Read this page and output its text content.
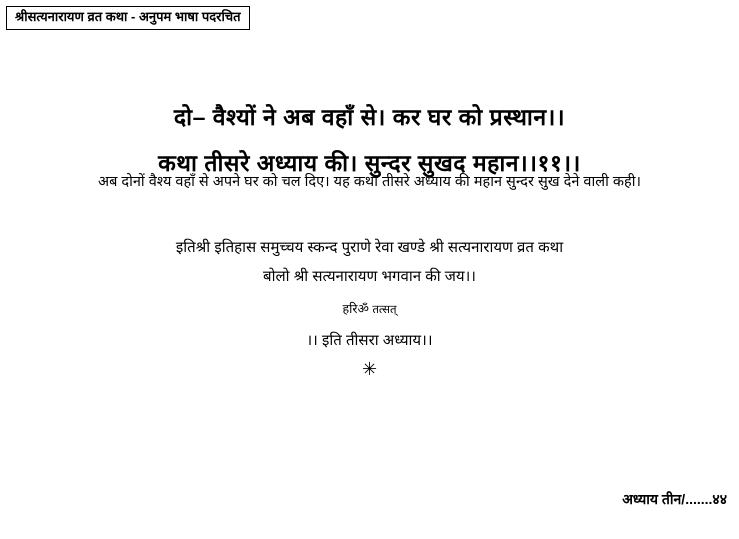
श्रीसत्यनारायण व्रत कथा - अनुपम भाषा पदरचित
दो– वैश्यों ने अब वहाँ से। कर घर को प्रस्थान।।
कथा तीसरे अध्याय की। सुन्दर सुखद महान।।११।।
अब दोनों वैश्य वहाँ से अपने घर को चल दिए। यह कथा तीसरे अध्याय की महान सुन्दर सुख देने वाली कही।
इतिश्री इतिहास समुच्चय स्कन्द पुराणे रेवा खण्डे श्री सत्यनारायण व्रत कथा
बोलो श्री सत्यनारायण भगवान की जय।।
हरिॐ तत्सत्
।। इति तीसरा अध्याय।।
✳
अध्याय तीन/.......४४
